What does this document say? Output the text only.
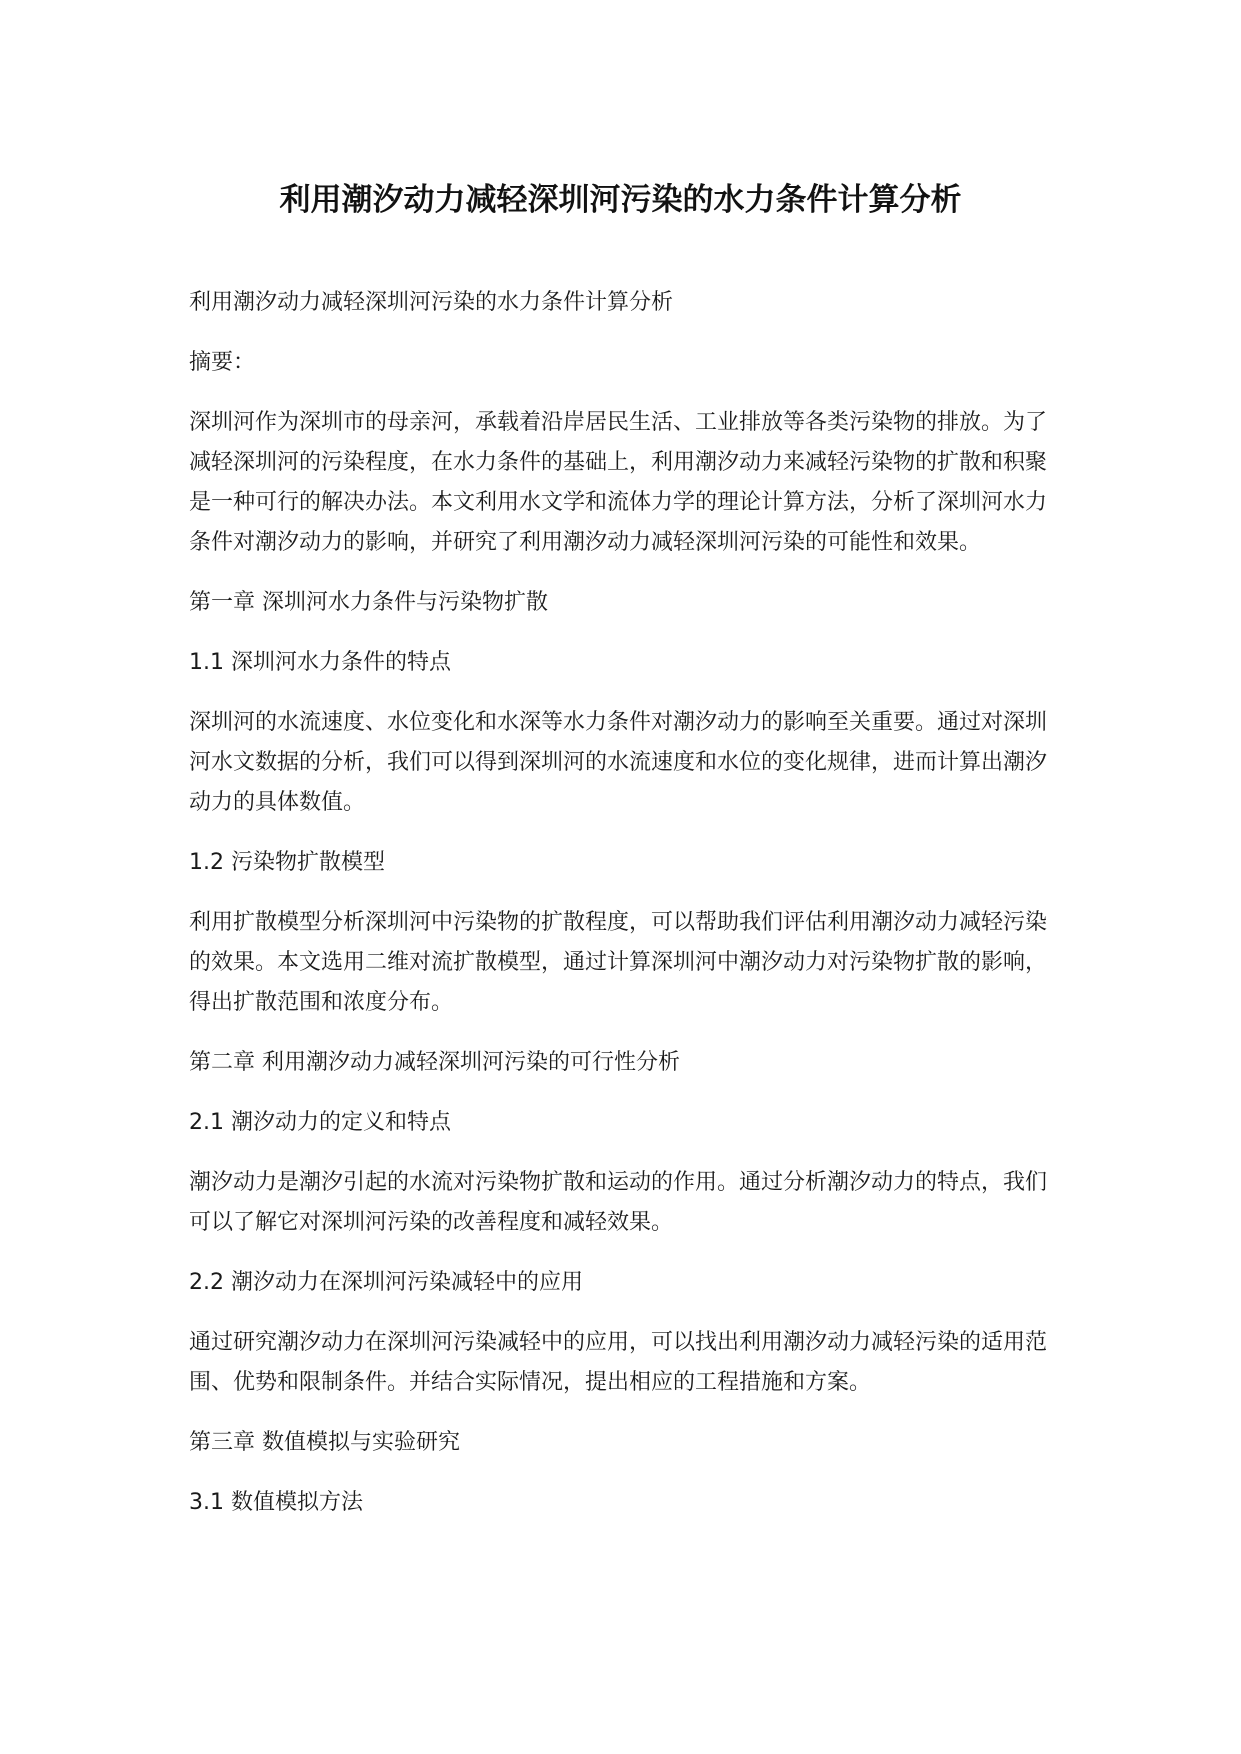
利用潮汐动力减轻深圳河污染的水力条件计算分析

利用潮汐动力减轻深圳河污染的水力条件计算分析

摘要：

深圳河作为深圳市的母亲河，承载着沿岸居民生活、工业排放等各类污染物的排放。为了减轻深圳河的污染程度，在水力条件的基础上，利用潮汐动力来减轻污染物的扩散和积聚是一种可行的解决办法。本文利用水文学和流体力学的理论计算方法，分析了深圳河水力条件对潮汐动力的影响，并研究了利用潮汐动力减轻深圳河污染的可能性和效果。

第一章 深圳河水力条件与污染物扩散

1.1 深圳河水力条件的特点

深圳河的水流速度、水位变化和水深等水力条件对潮汐动力的影响至关重要。通过对深圳河水文数据的分析，我们可以得到深圳河的水流速度和水位的变化规律，进而计算出潮汐动力的具体数值。

1.2 污染物扩散模型

利用扩散模型分析深圳河中污染物的扩散程度，可以帮助我们评估利用潮汐动力减轻污染的效果。本文选用二维对流扩散模型，通过计算深圳河中潮汐动力对污染物扩散的影响，得出扩散范围和浓度分布。

第二章 利用潮汐动力减轻深圳河污染的可行性分析

2.1 潮汐动力的定义和特点

潮汐动力是潮汐引起的水流对污染物扩散和运动的作用。通过分析潮汐动力的特点，我们可以了解它对深圳河污染的改善程度和减轻效果。

2.2 潮汐动力在深圳河污染减轻中的应用

通过研究潮汐动力在深圳河污染减轻中的应用，可以找出利用潮汐动力减轻污染的适用范围、优势和限制条件。并结合实际情况，提出相应的工程措施和方案。

第三章 数值模拟与实验研究

3.1 数值模拟方法
